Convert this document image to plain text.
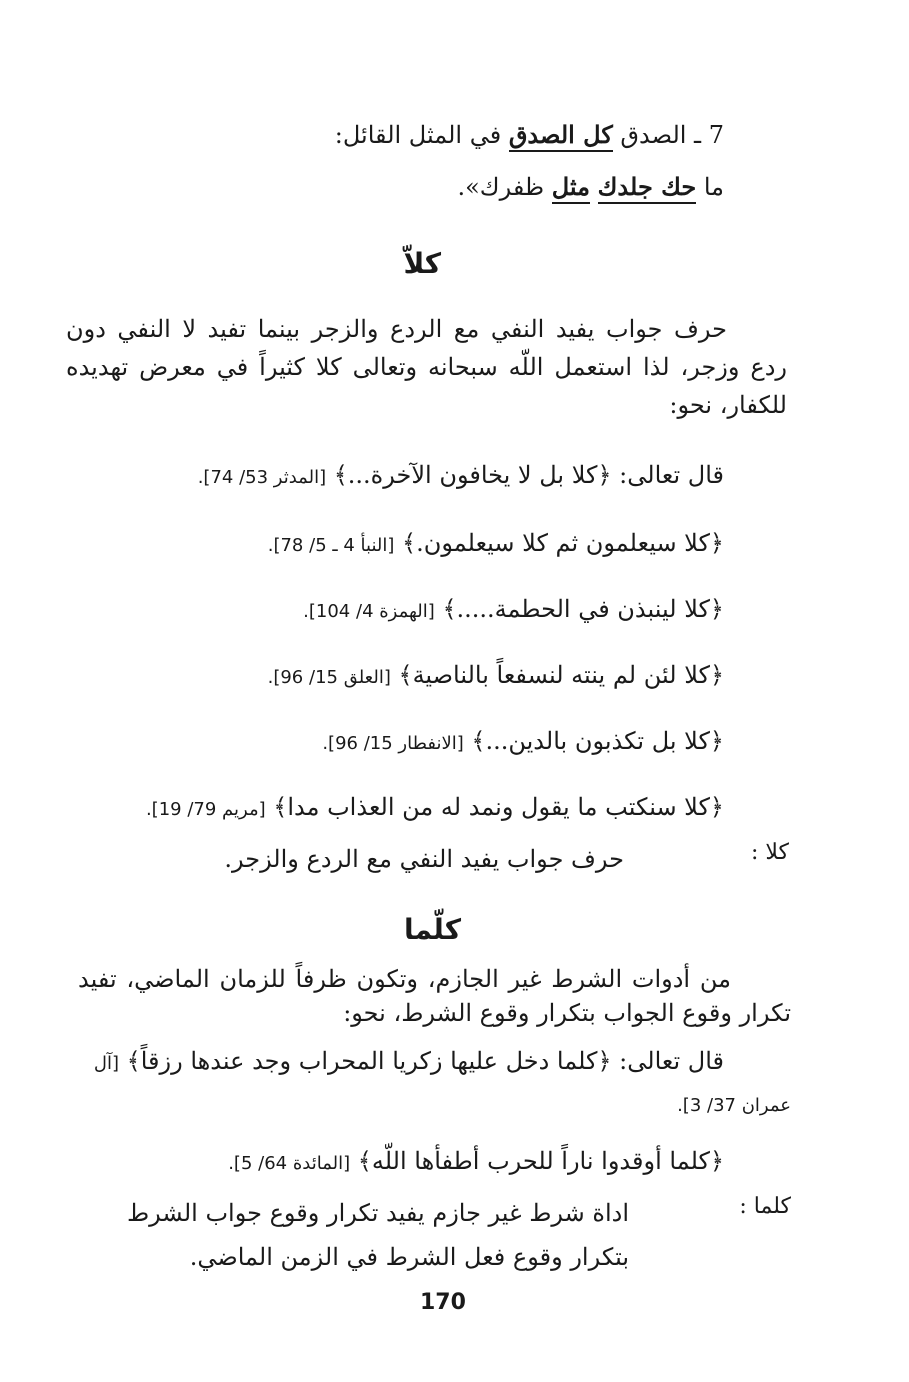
7 ـ الصدق كل الصدق في المثل القائل:
ما حك جلدك مثل ظفرك».
كلاّ
حرف جواب يفيد النفي مع الردع والزجر بينما تفيد لا النفي دون ردع وزجر، لذا استعمل اللّه سبحانه وتعالى كلا كثيراً في معرض تهديده للكفار، نحو:
قال تعالى: ﴿كلا بل لا يخافون الآخرة...﴾ [المدثر 53/ 74].
﴿كلا سيعلمون ثم كلا سيعلمون.﴾ [النبأ 4 ـ 5/ 78].
﴿كلا لينبذن في الحطمة.....﴾ [الهمزة 4/ 104].
﴿كلا لئن لم ينته لنسفعاً بالناصية﴾ [العلق 15/ 96].
﴿كلا بل تكذبون بالدين...﴾ [الانفطار 15/ 96].
﴿كلا سنكتب ما يقول ونمد له من العذاب مدا﴾ [مريم 79/ 19].
كلا :
حرف جواب يفيد النفي مع الردع والزجر.
كلّما
من أدوات الشرط غير الجازم، وتكون ظرفاً للزمان الماضي، تفيد تكرار وقوع الجواب بتكرار وقوع الشرط، نحو:
قال تعالى: ﴿كلما دخل عليها زكريا المحراب وجد عندها رزقاً﴾ [آل
عمران 37/ 3].
﴿كلما أوقدوا ناراً للحرب أطفأها اللّه﴾ [المائدة 64/ 5].
كلما :
اداة شرط غير جازم يفيد تكرار وقوع جواب الشرط
بتكرار وقوع فعل الشرط في الزمن الماضي.
170
